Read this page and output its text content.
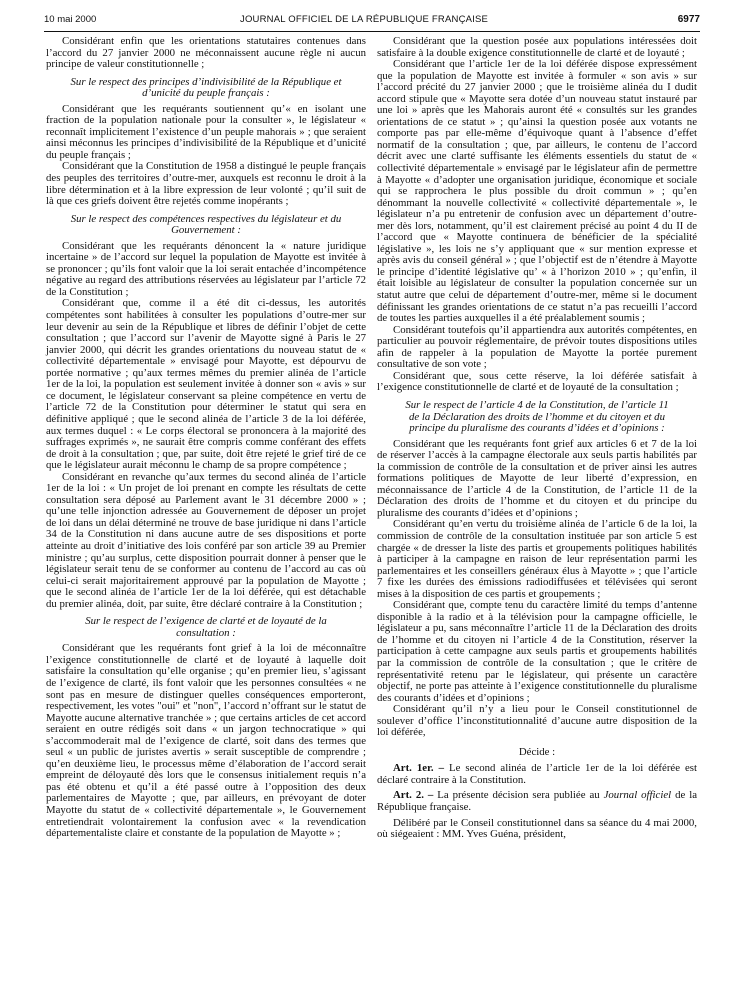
10 mai 2000	JOURNAL OFFICIEL DE LA RÉPUBLIQUE FRANÇAISE	6977

Considérant enfin que les orientations statutaires contenues dans l’accord du 27 janvier 2000 ne méconnaissent aucune règle ni aucun principe de valeur constitutionnelle ;

Sur le respect des principes d’indivisibilité de la République et d’unicité du peuple français :

Considérant que les requérants soutiennent qu’« en isolant une fraction de la population nationale pour la consulter », le législateur « reconnaît implicitement l’existence d’un peuple mahorais » ; que seraient ainsi méconnus les principes d’indivisibilité de la République et d’unicité du peuple français ;

Considérant que la Constitution de 1958 a distingué le peuple français des peuples des territoires d’outre-mer, auxquels est reconnu le droit à la libre détermination et à la libre expression de leur volonté ; qu’il suit de là que ces griefs doivent être rejetés comme inopérants ;

Sur le respect des compétences respectives du législateur et du Gouvernement :

Considérant que les requérants dénoncent la « nature juridique incertaine » de l’accord sur lequel la population de Mayotte est invitée à se prononcer ; qu’ils font valoir que la loi serait entachée d’incompétence négative au regard des attributions réservées au législateur par l’article 72 de la Constitution ;

Considérant que, comme il a été dit ci-dessus, les autorités compétentes sont habilitées à consulter les populations d’outre-mer sur leur devenir au sein de la République et libres de définir l’objet de cette consultation ; que l’accord sur l’avenir de Mayotte signé à Paris le 27 janvier 2000, qui décrit les grandes orientations du nouveau statut de « collectivité départementale » envisagé pour Mayotte, est dépourvu de portée normative ; qu’aux termes mêmes du premier alinéa de l’article 1er de la loi, la population est seulement invitée à donner son « avis » sur ce document, le législateur conservant sa pleine compétence en vertu de l’article 72 de la Constitution pour déterminer le statut qui sera en définitive appliqué ; que le second alinéa de l’article 3 de la loi déférée, aux termes duquel : « Le corps électoral se prononcera à la majorité des suffrages exprimés », ne saurait être compris comme conférant des effets de droit à la consultation ; que, par suite, doit être rejeté le grief tiré de ce que le législateur aurait méconnu le champ de sa propre compétence ;

Considérant en revanche qu’aux termes du second alinéa de l’article 1er de la loi : « Un projet de loi prenant en compte les résultats de cette consultation sera déposé au Parlement avant le 31 décembre 2000 » ; qu’une telle injonction adressée au Gouvernement de déposer un projet de loi dans un délai déterminé ne trouve de base juridique ni dans l’article 34 de la Constitution ni dans aucune autre de ses dispositions et porte atteinte au droit d’initiative des lois conféré par son article 39 au Premier ministre ; qu’au surplus, cette disposition pourrait donner à penser que le législateur serait tenu de se conformer au contenu de l’accord au cas où celui-ci serait majoritairement approuvé par la population de Mayotte ; que le second alinéa de l’article 1er de la loi déférée, qui est détachable du premier alinéa, doit, par suite, être déclaré contraire à la Constitution ;

Sur le respect de l’exigence de clarté et de loyauté de la consultation :

Considérant que les requérants font grief à la loi de méconnaître l’exigence constitutionnelle de clarté et de loyauté à laquelle doit satisfaire la consultation qu’elle organise ; qu’en premier lieu, s’agissant de l’exigence de clarté, ils font valoir que les personnes consultées « ne sont pas en mesure de distinguer quelles conséquences emporteront, respectivement, les votes "oui" et "non", l’accord n’offrant sur le statut de Mayotte aucune alternative tranchée » ; que certains articles de cet accord seraient en outre rédigés soit dans « un jargon technocratique » qui s’accommoderait mal de l’exigence de clarté, soit dans des termes que seul « un public de juristes avertis » serait susceptible de comprendre ; qu’en deuxième lieu, le processus même d’élaboration de l’accord serait empreint de déloyauté dès lors que le consensus initialement requis n’a pas été obtenu et qu’il a été passé outre à l’opposition des deux parlementaires de Mayotte ; que, par ailleurs, en prévoyant de doter Mayotte du statut de « collectivité départementale », le Gouvernement entretiendrait volontairement la confusion avec « la revendication départementaliste claire et constante de la population de Mayotte » ;

Considérant que la question posée aux populations intéressées doit satisfaire à la double exigence constitutionnelle de clarté et de loyauté ;

Considérant que l’article 1er de la loi déférée dispose expressément que la population de Mayotte est invitée à formuler « son avis » sur l’accord précité du 27 janvier 2000 ; que le troisième alinéa du I dudit accord stipule que « Mayotte sera dotée d’un nouveau statut instauré par une loi » après que les Mahorais auront été « consultés sur les grandes orientations de ce statut » ; qu’ainsi la question posée aux votants ne comporte pas par elle-même d’équivoque quant à l’absence d’effet normatif de la consultation ; que, par ailleurs, le contenu de l’accord décrit avec une clarté suffisante les éléments essentiels du statut de « collectivité départementale » envisagé par le législateur afin de permettre à Mayotte « d’adopter une organisation juridique, économique et sociale qui se rapprochera le plus possible du droit commun » ; qu’en dénommant la nouvelle collectivité « collectivité départementale », le législateur n’a pu entretenir de confusion avec un département d’outre-mer dès lors, notamment, qu’il est clairement précisé au point 4 du II de l’accord que « Mayotte continuera de bénéficier de la spécialité législative », les lois ne s’y appliquant que « sur mention expresse et après avis du conseil général » ; que l’objectif est de n’étendre à Mayotte le principe d’identité législative qu’ « à l’horizon 2010 » ; qu’enfin, il était loisible au législateur de consulter la population concernée sur un statut autre que celui de département d’outre-mer, même si le document définissant les grandes orientations de ce statut n’a pas recueilli l’accord de toutes les parties auxquelles il a été préalablement soumis ;

Considérant toutefois qu’il appartiendra aux autorités compétentes, en particulier au pouvoir réglementaire, de prévoir toutes dispositions utiles afin de rappeler à la population de Mayotte la portée purement consultative de son vote ;

Considérant que, sous cette réserve, la loi déférée satisfait à l’exigence constitutionnelle de clarté et de loyauté de la consultation ;

Sur le respect de l’article 4 de la Constitution, de l’article 11 de la Déclaration des droits de l’homme et du citoyen et du principe du pluralisme des courants d’idées et d’opinions :

Considérant que les requérants font grief aux articles 6 et 7 de la loi de réserver l’accès à la campagne électorale aux seuls partis habilités par la commission de contrôle de la consultation et de priver ainsi les autres formations politiques de Mayotte de leur liberté d’expression, en méconnaissance de l’article 4 de la Constitution, de l’article 11 de la Déclaration des droits de l’homme et du citoyen et du principe du pluralisme des courants d’idées et d’opinions ;

Considérant qu’en vertu du troisième alinéa de l’article 6 de la loi, la commission de contrôle de la consultation instituée par son article 5 est chargée « de dresser la liste des partis et groupements politiques habilités à participer à la campagne en raison de leur représentation parmi les parlementaires et les conseillers généraux élus à Mayotte » ; que l’article 7 fixe les durées des émissions radiodiffusées et télévisées qui seront mises à la disposition de ces partis et groupements ;

Considérant que, compte tenu du caractère limité du temps d’antenne disponible à la radio et à la télévision pour la campagne officielle, le législateur a pu, sans méconnaître l’article 11 de la Déclaration des droits de l’homme et du citoyen ni l’article 4 de la Constitution, réserver la participation à cette campagne aux seuls partis et groupements habilités par la commission de contrôle de la consultation ; que le critère de représentativité retenu par le législateur, qui présente un caractère objectif, ne porte pas atteinte à l’exigence constitutionnelle du pluralisme des courants d’idées et d’opinions ;

Considérant qu’il n’y a lieu pour le Conseil constitutionnel de soulever d’office l’inconstitutionnalité d’aucune autre disposition de la loi déférée,

Décide :

Art. 1er. – Le second alinéa de l’article 1er de la loi déférée est déclaré contraire à la Constitution.

Art. 2. – La présente décision sera publiée au Journal officiel de la République française.

Délibéré par le Conseil constitutionnel dans sa séance du 4 mai 2000, où siégeaient : MM. Yves Guéna, président,
